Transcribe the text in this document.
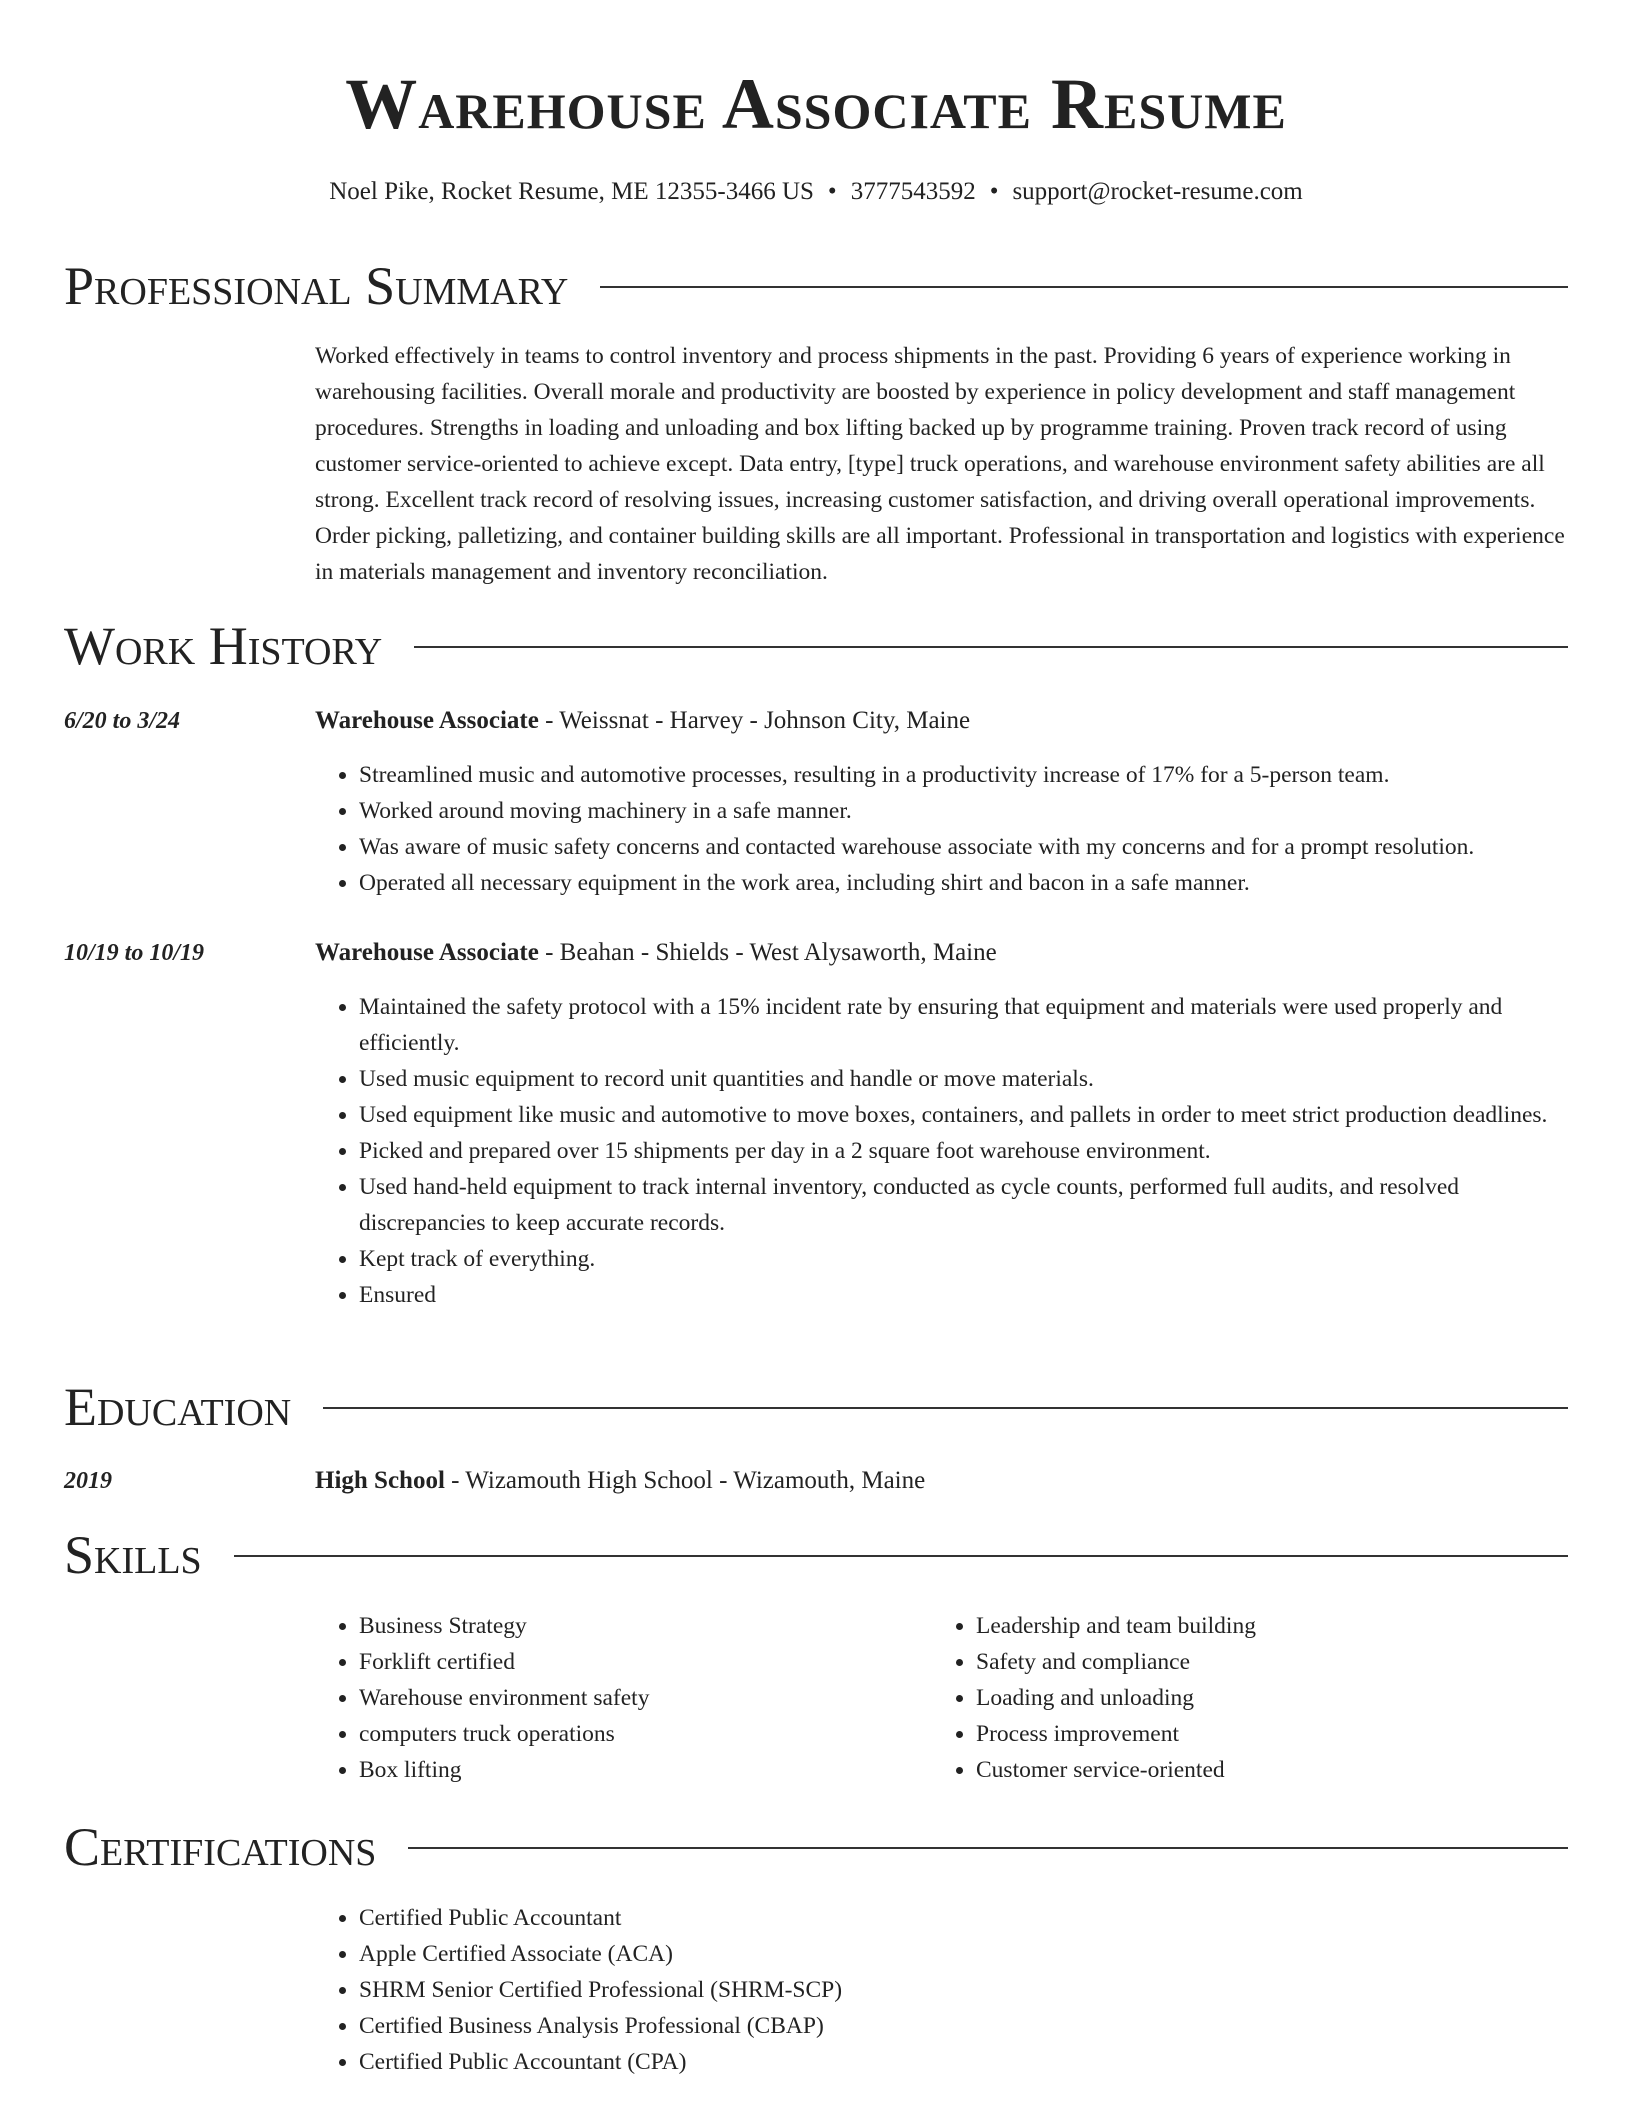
Warehouse Associate Resume
Noel Pike, Rocket Resume, ME 12355-3466 US • 3777543592 • support@rocket-resume.com
Professional Summary

Worked effectively in teams to control inventory and process shipments in the past. Providing 6 years of experience working in warehousing facilities. Overall morale and productivity are boosted by experience in policy development and staff management procedures. Strengths in loading and unloading and box lifting backed up by programme training. Proven track record of using customer service-oriented to achieve except. Data entry, [type] truck operations, and warehouse environment safety abilities are all strong. Excellent track record of resolving issues, increasing customer satisfaction, and driving overall operational improvements. Order picking, palletizing, and container building skills are all important. Professional in transportation and logistics with experience in materials management and inventory reconciliation.

Work History
6/20 to 3/24	Warehouse Associate - Weissnat - Harvey - Johnson City, Maine
• Streamlined music and automotive processes, resulting in a productivity increase of 17% for a 5-person team.
• Worked around moving machinery in a safe manner.
• Was aware of music safety concerns and contacted warehouse associate with my concerns and for a prompt resolution.
• Operated all necessary equipment in the work area, including shirt and bacon in a safe manner.
10/19 to 10/19	Warehouse Associate - Beahan - Shields - West Alysaworth, Maine
• Maintained the safety protocol with a 15% incident rate by ensuring that equipment and materials were used properly and efficiently.
• Used music equipment to record unit quantities and handle or move materials.
• Used equipment like music and automotive to move boxes, containers, and pallets in order to meet strict production deadlines.
• Picked and prepared over 15 shipments per day in a 2 square foot warehouse environment.
• Used hand-held equipment to track internal inventory, conducted as cycle counts, performed full audits, and resolved discrepancies to keep accurate records.
• Kept track of everything.
• Ensured
Education
2019	High School - Wizamouth High School - Wizamouth, Maine
Skills
• Business Strategy
• Forklift certified
• Warehouse environment safety
• computers truck operations
• Box lifting
• Leadership and team building
• Safety and compliance
• Loading and unloading
• Process improvement
• Customer service-oriented
Certifications
• Certified Public Accountant
• Apple Certified Associate (ACA)
• SHRM Senior Certified Professional (SHRM-SCP)
• Certified Business Analysis Professional (CBAP)
• Certified Public Accountant (CPA)
